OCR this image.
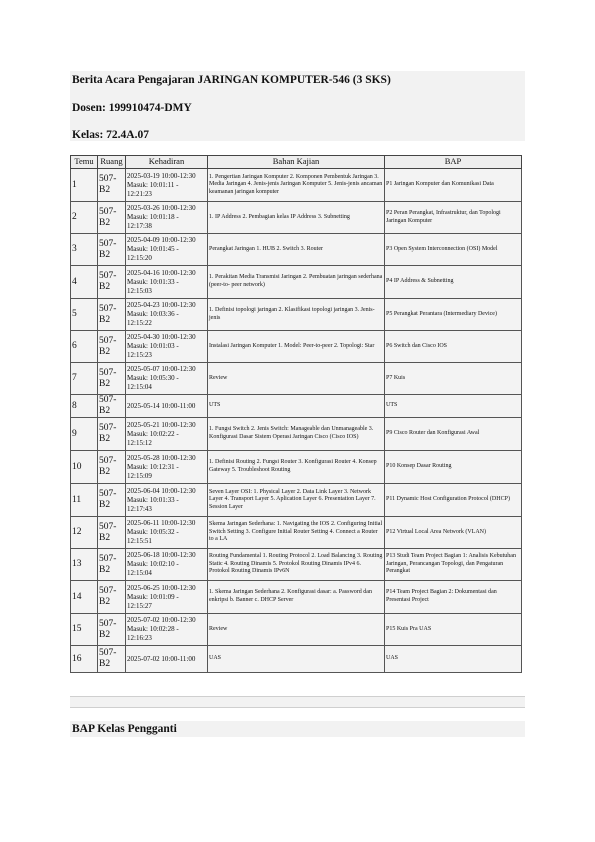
Berita Acara Pengajaran JARINGAN KOMPUTER-546 (3 SKS)
Dosen: 199910474-DMY
Kelas: 72.4A.07
Temu	Ruang	Kehadiran	Bahan Kajian	BAP
1	507-B2	2025-03-19 10:00-12:30
Masuk: 10:01:11 -
12:21:23	1. Pengertian Jaringan Komputer 2. Komponen Pembentuk Jaringan 3. Media Jaringan 4. Jenis-jenis Jaringan Komputer 5. Jenis-jenis ancaman keamanan jaringan komputer	P1 Jaringan Komputer dan Komunikasi Data
2	507-B2	2025-03-26 10:00-12:30
Masuk: 10:01:18 -
12:17:38	1. IP Address 2. Pembagian kelas IP Address 3. Subnetting	P2 Peran Perangkat, Infrastruktur, dan Topologi Jaringan Komputer
3	507-B2	2025-04-09 10:00-12:30
Masuk: 10:01:45 -
12:15:20	Perangkat Jaringan 1. HUB 2. Switch 3. Router	P3 Open System Interconnection (OSI) Model
4	507-B2	2025-04-16 10:00-12:30
Masuk: 10:01:33 -
12:15:03	1. Perakitan Media Transmisi Jaringan 2. Pembuatan jaringan sederhana (peer-to- peer network)	P4 IP Address & Subnetting
5	507-B2	2025-04-23 10:00-12:30
Masuk: 10:03:36 -
12:15:22	1. Definisi topologi jaringan 2. Klasifikasi topologi jaringan 3. Jenis-jenis	P5 Perangkat Perantara (Intermediary Device)
6	507-B2	2025-04-30 10:00-12:30
Masuk: 10:01:03 -
12:15:23	Instalasi Jaringan Komputer 1. Model: Peer-to-peer 2. Topologi: Star	P6 Switch dan Cisco IOS
7	507-B2	2025-05-07 10:00-12:30
Masuk: 10:05:30 -
12:15:04	Review	P7 Kuis
8	507-B2	2025-05-14 10:00-11:00	UTS	UTS
9	507-B2	2025-05-21 10:00-12:30
Masuk: 10:02:22 -
12:15:12	1. Fungsi Switch 2. Jenis Switch: Manageable dan Unmanageable 3. Konfigurasi Dasar Sistem Operasi Jaringan Cisco (Cisco IOS)	P9 Cisco Router dan Konfigurasi Awal
10	507-B2	2025-05-28 10:00-12:30
Masuk: 10:12:31 -
12:15:09	1. Definisi Routing 2. Fungsi Router 3. Konfigurasi Router 4. Konsep Gateway 5. Troubleshoot Routing	P10 Konsep Dasar Routing
11	507-B2	2025-06-04 10:00-12:30
Masuk: 10:01:33 -
12:17:43	Seven Layer OSI: 1. Physical Layer 2. Data Link Layer 3. Network Layer 4. Transport Layer 5. Aplication Layer 6. Presentation Layer 7. Session Layer	P11 Dynamic Host Configuration Protocol (DHCP)
12	507-B2	2025-06-11 10:00-12:30
Masuk: 10:05:32 -
12:15:51	Skema Jaringan Sederhana: 1. Navigating the IOS 2. Configuring Initial Switch Setting 3. Configure Initial Router Setting 4. Connect a Router to a LA	P12 Virtual Local Area Network (VLAN)
13	507-B2	2025-06-18 10:00-12:30
Masuk: 10:02:10 -
12:15:04	Routing Fundamental 1. Routing Protocol 2. Load Balancing 3. Routing Static 4. Routing Dinamis 5. Protokol Routing Dinamis IPv4 6. Protokol Routing Dinamis IPv6N	P13 Studi Team Project Bagian 1: Analisis Kebutuhan Jaringan, Perancangan Topologi, dan Pengaturan Perangkat
14	507-B2	2025-06-25 10:00-12:30
Masuk: 10:01:09 -
12:15:27	1. Skema Jaringan Sederhana 2. Konfigurasi dasar: a. Password dan enkripsi b. Banner c. DHCP Server	P14 Team Project Bagian 2: Dokumentasi dan Presentasi Project
15	507-B2	2025-07-02 10:00-12:30
Masuk: 10:02:28 -
12:16:23	Review	P15 Kuis Pra UAS
16	507-B2	2025-07-02 10:00-11:00	UAS	UAS
BAP Kelas Pengganti
